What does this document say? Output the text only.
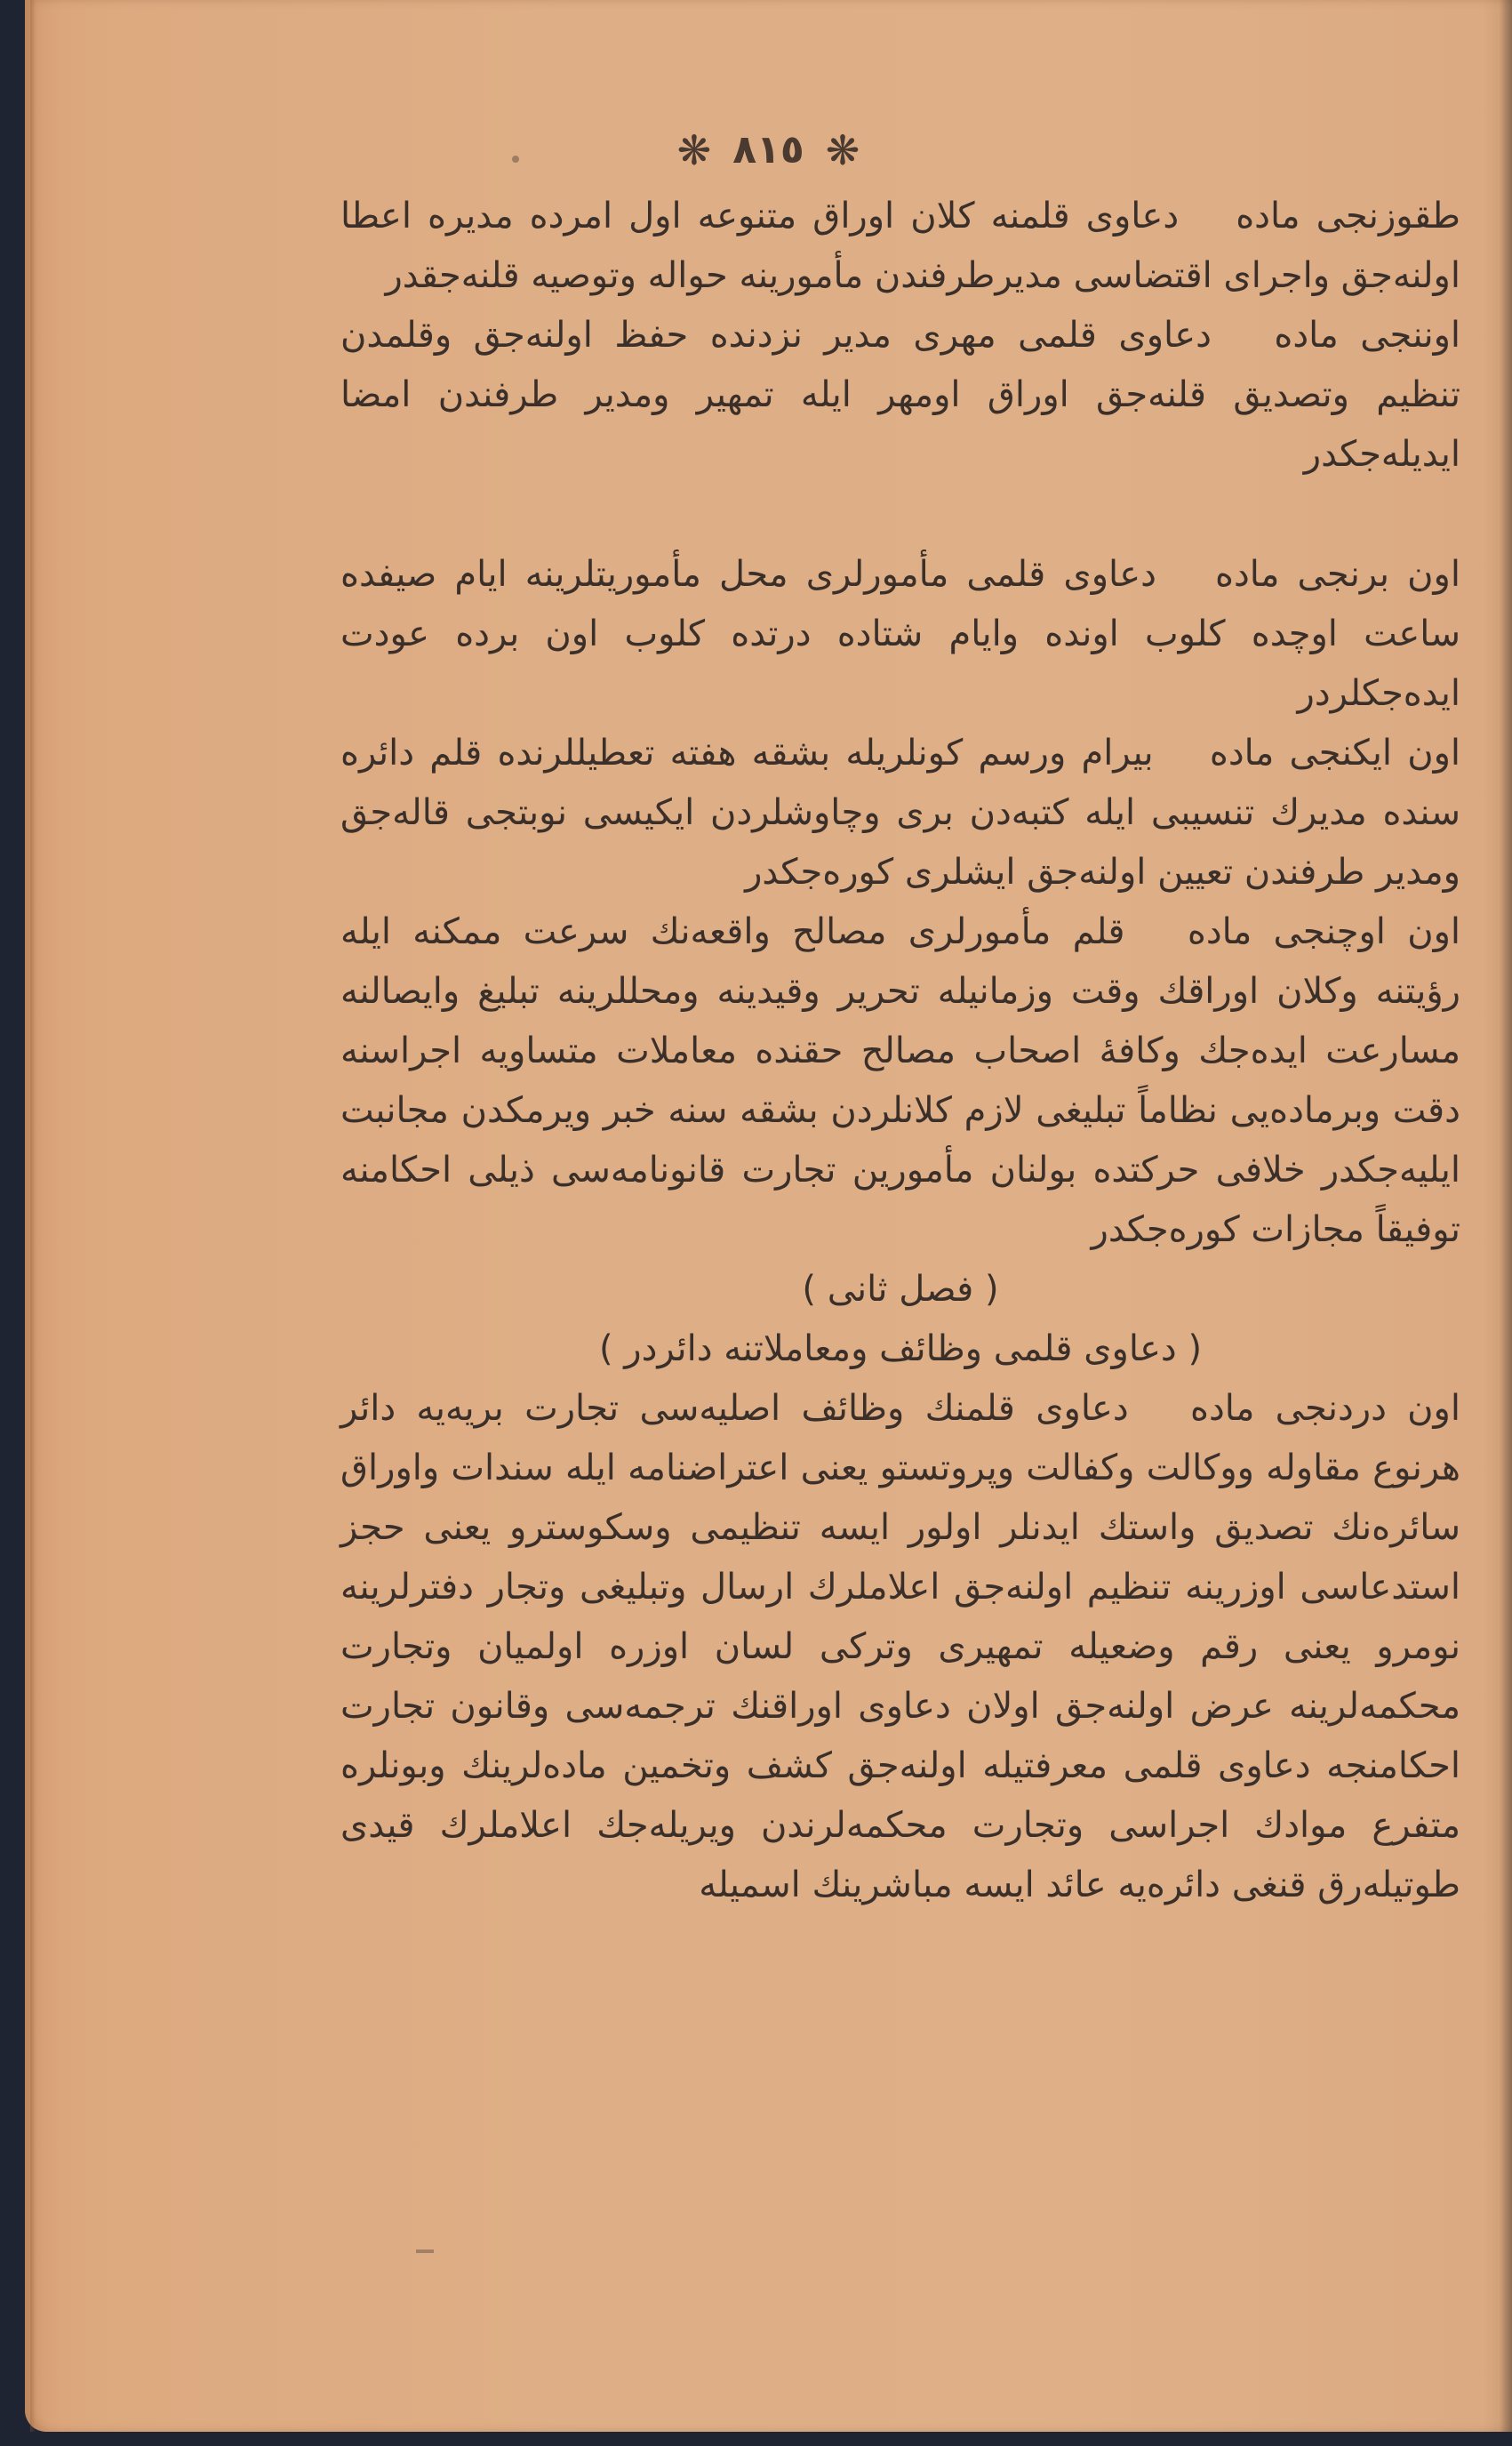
❋ ٨١٥ ❋

طقوزنجى ماده دعاوى قلمنه كلان اوراق متنوعه اول امرده مديره اعطا اولنه‌جق واجراى اقتضاسى مديرطرفندن مأمورينه حواله وتوصيه قلنه‌جقدر

اوننجى ماده دعاوى قلمى مهرى مدير نزدنده حفظ اولنه‌جق وقلمدن تنظيم وتصديق قلنه‌جق اوراق اومهر ايله تمهير ومدير طرفندن امضا ايديله‌جكدر

اون برنجى ماده دعاوى قلمى مأمورلرى محل مأموريتلرينه ايام صيفده ساعت اوچده كلوب اونده وايام شتاده درتده كلوب اون برده عودت ايده‌جكلردر

اون ايكنجى ماده بيرام ورسم كونلريله بشقه هفته تعطيللرنده قلم دائره سنده مديرك تنسيبى ايله كتبه‌دن برى وچاوشلردن ايكيسى نوبتجى قاله‌جق ومدير طرفندن تعيين اولنه‌جق ايشلرى كوره‌جكدر

اون اوچنجى ماده قلم مأمورلرى مصالح واقعه‌نك سرعت ممكنه ايله رؤيتنه وكلان اوراقك وقت وزمانيله تحرير وقيدينه ومحللرينه تبليغ وايصالنه مسارعت ايده‌جك وكافهٔ اصحاب مصالح حقنده معاملات متساويه اجراسنه دقت وبرماده‌يى نظاماً تبليغى لازم كلانلردن بشقه سنه خبر ويرمكدن مجانبت ايليه‌جكدر خلافى حركتده بولنان مأمورين تجارت قانونامه‌سى ذيلى احكامنه توفيقاً مجازات كوره‌جكدر

( فصل ثانى )

( دعاوى قلمى وظائف ومعاملاتنه دائردر )

اون دردنجى ماده دعاوى قلمنك وظائف اصليه‌سى تجارت بريه‌يه دائر هرنوع مقاوله ووكالت وكفالت وپروتستو يعنى اعتراضنامه ايله سندات واوراق سائره‌نك تصديق واستك ايدنلر اولور ايسه تنظيمى وسكوسترو يعنى حجز استدعاسى اوزرينه تنظيم اولنه‌جق اعلاملرك ارسال وتبليغى وتجار دفترلرينه نومرو يعنى رقم وضعيله تمهيرى وتركى لسان اوزره اولميان وتجارت محكمه‌لرينه عرض اولنه‌جق اولان دعاوى اوراقنك ترجمه‌سى وقانون تجارت احكامنجه دعاوى قلمى معرفتيله اولنه‌جق كشف وتخمين ماده‌لرينك وبونلره متفرع موادك اجراسى وتجارت محكمه‌لرندن ويريله‌جك اعلاملرك قيدى طوتيله‌رق قنغى دائره‌يه عائد ايسه مباشرينك اسميله
